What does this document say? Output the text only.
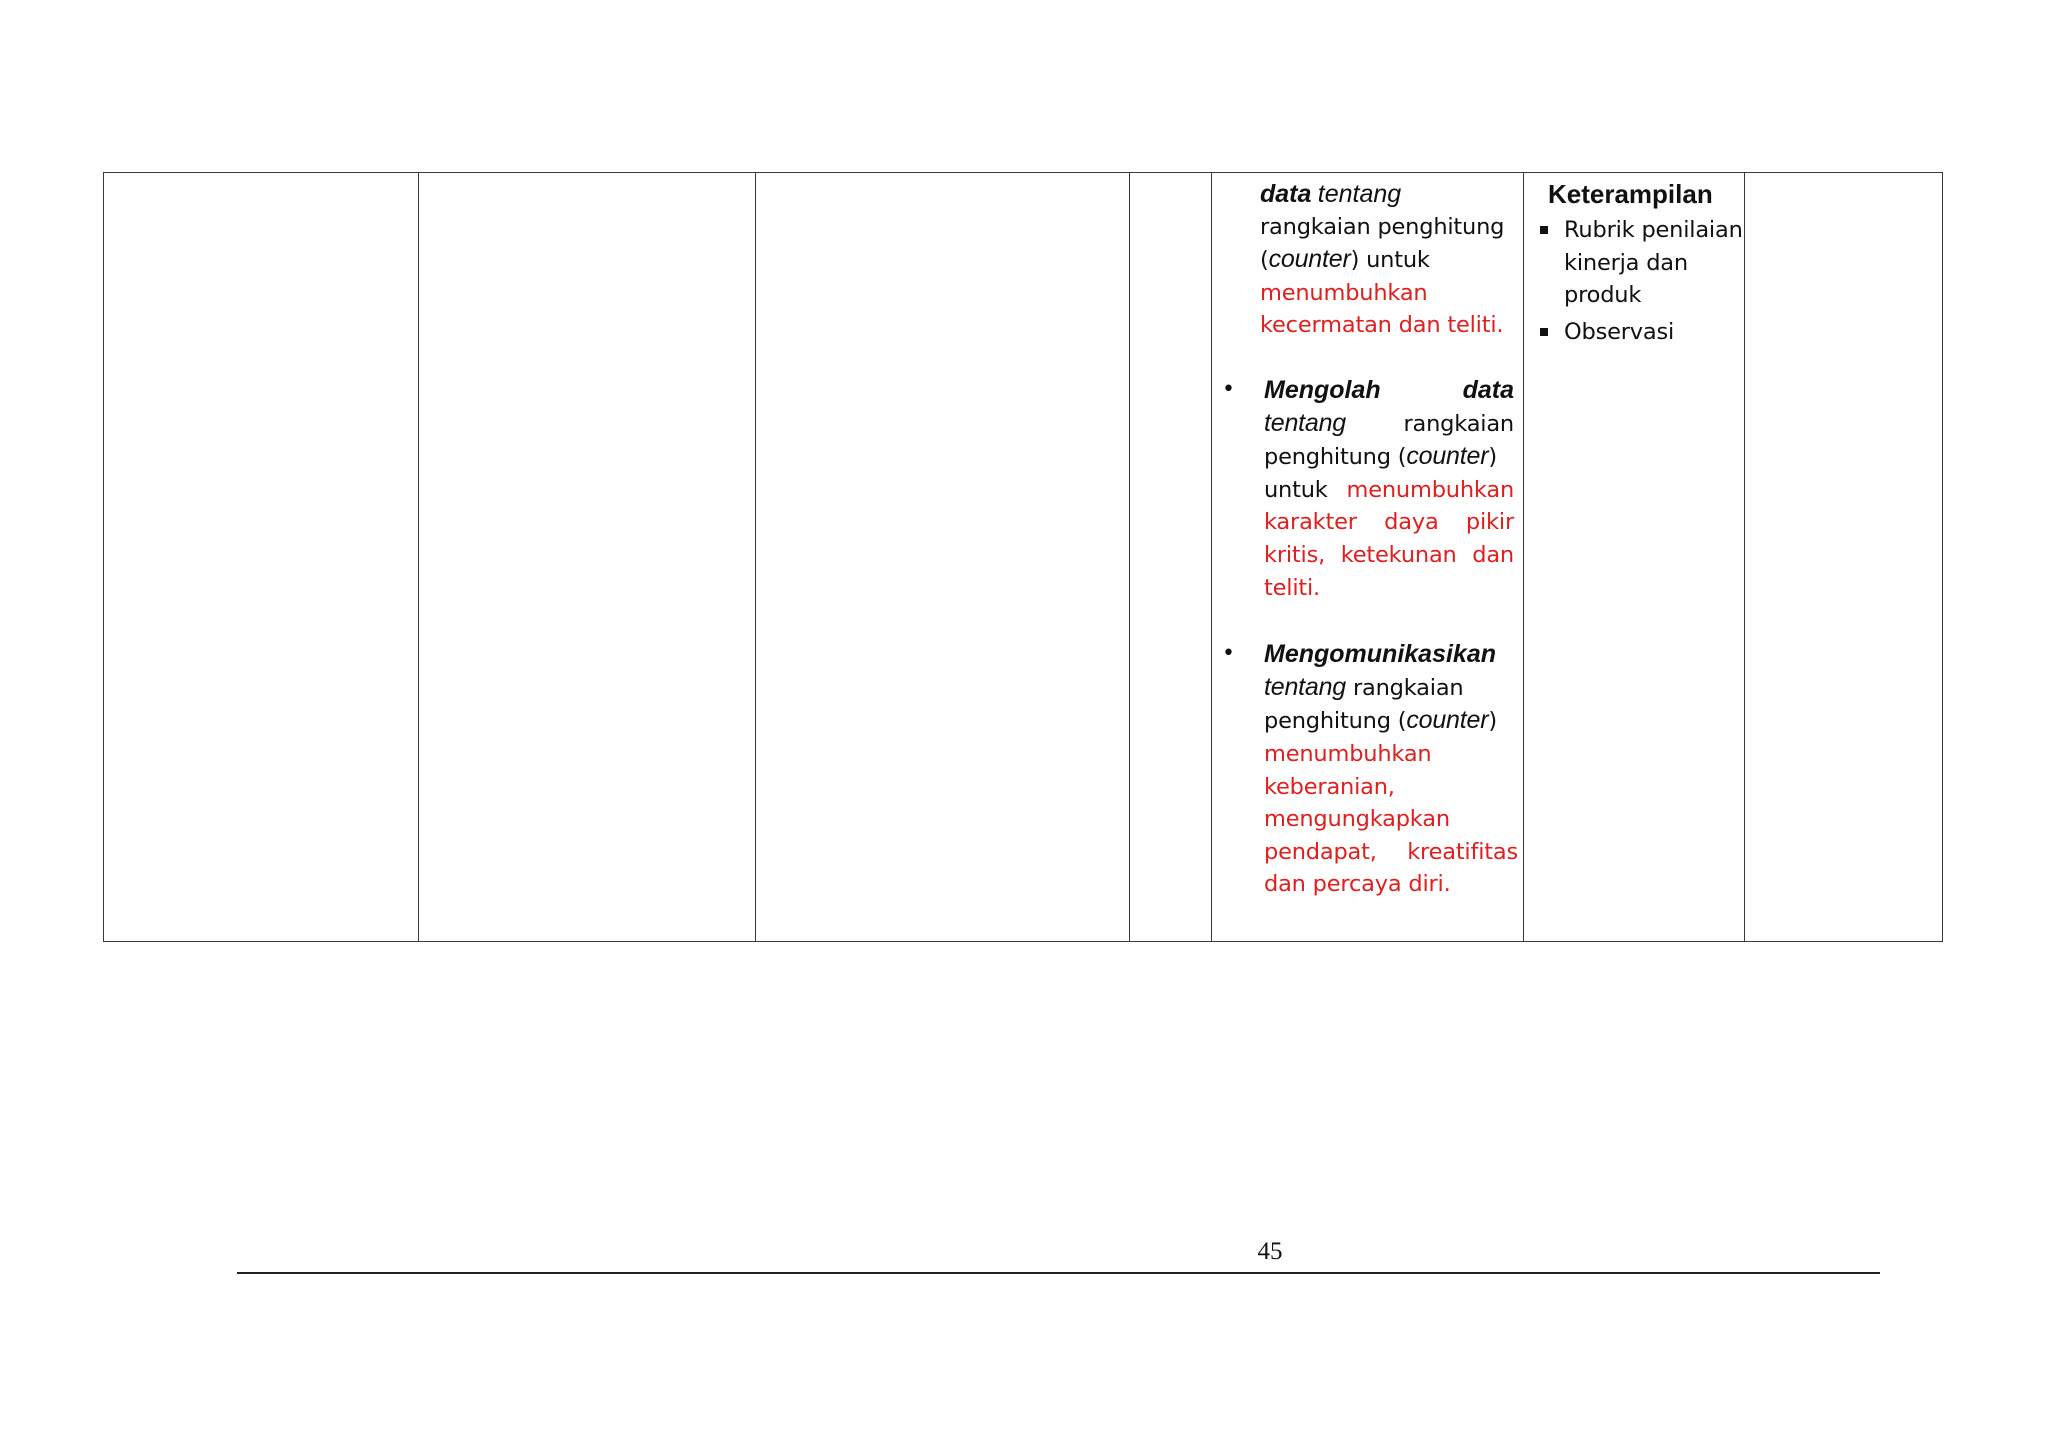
data tentang

rangkaian penghitung

(counter) untuk

menumbuhkan

kecermatan dan teliti.

• Mengolah	data

tentang	rangkaian

penghitung (counter)

untuk menumbuhkan

karakter daya pikir

kritis, ketekunan dan

teliti.

• Mengomunikasikan

tentang rangkaian

penghitung (counter)

menumbuhkan

keberanian,

mengungkapkan

pendapat, kreatifitas

dan percaya diri.

Keterampilan
Rubrik penilaian kinerja dan produk
Observasi
45
